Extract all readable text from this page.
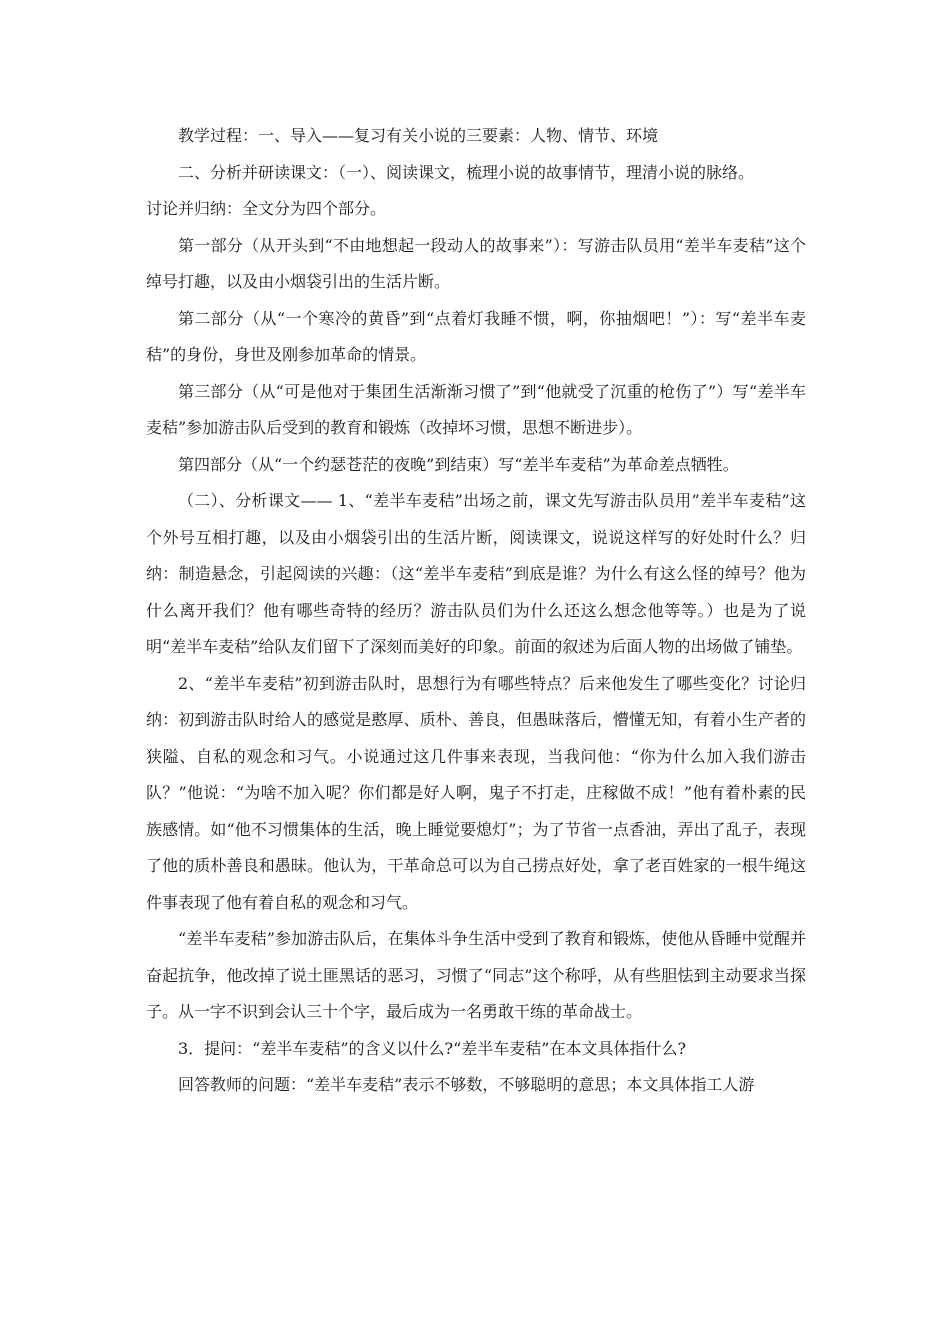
教学过程：一、导入——复习有关小说的三要素：人物、情节、环境

二、分析并研读课文：（一）、阅读课文，梳理小说的故事情节，理清小说的脉络。

讨论并归纳：全文分为四个部分。

第一部分（从开头到“不由地想起一段动人的故事来”）：写游击队员用“差半车麦秸”这个绰号打趣，以及由小烟袋引出的生活片断。

第二部分（从“一个寒冷的黄昏”到“点着灯我睡不惯，啊，你抽烟吧！”）：写“差半车麦秸”的身份，身世及刚参加革命的情景。

第三部分（从“可是他对于集团生活渐渐习惯了”到“他就受了沉重的枪伤了”）写“差半车麦秸”参加游击队后受到的教育和锻炼（改掉坏习惯，思想不断进步）。

第四部分（从“一个约瑟苍茫的夜晚”到结束）写“差半车麦秸”为革命差点牺牲。

（二）、分析课文—— 1、“差半车麦秸”出场之前，课文先写游击队员用”差半车麦秸”这个外号互相打趣，以及由小烟袋引出的生活片断，阅读课文，说说这样写的好处时什么？归纳：制造悬念，引起阅读的兴趣：（这“差半车麦秸”到底是谁？为什么有这么怪的绰号？他为什么离开我们？他有哪些奇特的经历？游击队员们为什么还这么想念他等等。）也是为了说明“差半车麦秸”给队友们留下了深刻而美好的印象。前面的叙述为后面人物的出场做了铺垫。

2、“差半车麦秸”初到游击队时，思想行为有哪些特点？后来他发生了哪些变化？讨论归纳：初到游击队时给人的感觉是憨厚、质朴、善良，但愚昧落后，懵懂无知，有着小生产者的狭隘、自私的观念和习气。小说通过这几件事来表现，当我问他：“你为什么加入我们游击队？”他说：“为啥不加入呢？你们都是好人啊，鬼子不打走，庄稼做不成！”他有着朴素的民族感情。如“他不习惯集体的生活，晚上睡觉要熄灯”；为了节省一点香油，弄出了乱子，表现了他的质朴善良和愚昧。他认为，干革命总可以为自己捞点好处，拿了老百姓家的一根牛绳这件事表现了他有着自私的观念和习气。

“差半车麦秸”参加游击队后，在集体斗争生活中受到了教育和锻炼，使他从昏睡中觉醒并奋起抗争，他改掉了说土匪黑话的恶习，习惯了“同志”这个称呼，从有些胆怯到主动要求当探子。从一字不识到会认三十个字，最后成为一名勇敢干练的革命战士。

3．提问：“差半车麦秸”的含义以什么?“差半车麦秸”在本文具体指什么?

回答教师的问题：“差半车麦秸”表示不够数，不够聪明的意思；本文具体指工人游
